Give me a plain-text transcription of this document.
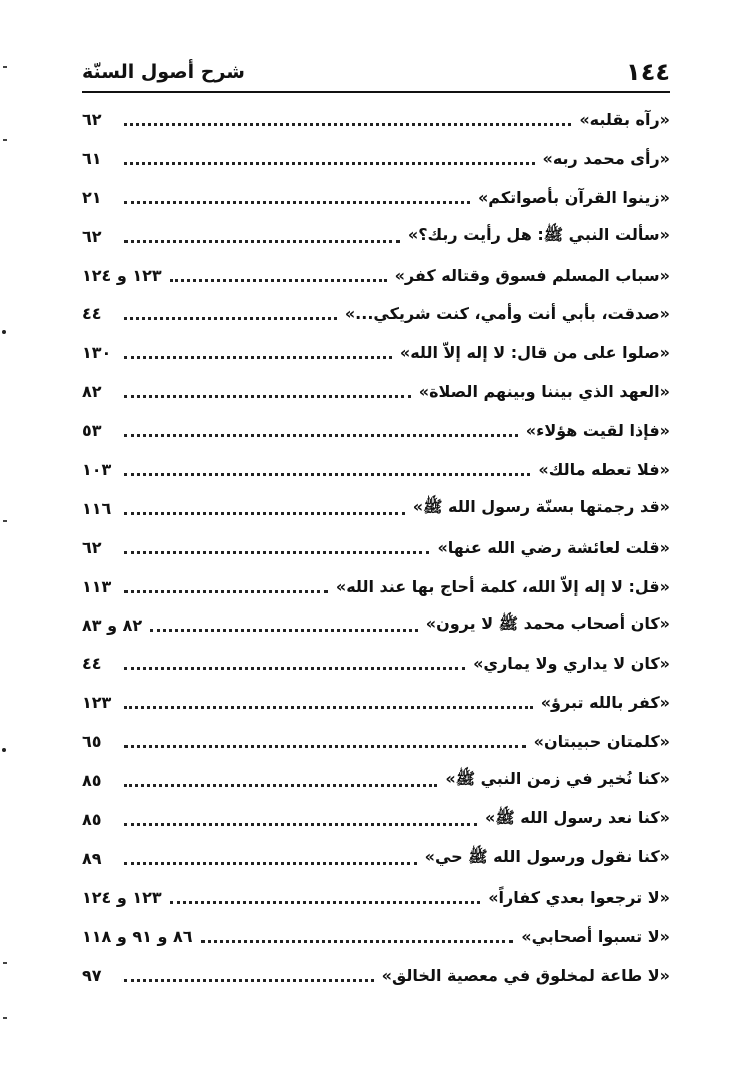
شرح أصول السنّة	١٤٤
«رآه بقلبه»
٦٢
«رأى محمد ربه»
٦١
«زينوا القرآن بأصواتكم»
٢١
«سألت النبي ﷺ: هل رأيت ربك؟»
٦٢
«سباب المسلم فسوق وقتاله كفر»
١٢٣ و ١٢٤
«صدقت، بأبي أنت وأمي، كنت شريكي...»
٤٤
«صلوا على من قال: لا إله إلاّ الله»
١٣٠
«العهد الذي بيننا وبينهم الصلاة»
٨٢
«فإذا لقيت هؤلاء»
٥٣
«فلا تعطه مالك»
١٠٣
«قد رجمتها بسنّة رسول الله ﷺ»
١١٦
«قلت لعائشة رضي الله عنها»
٦٢
«قل: لا إله إلاّ الله، كلمة أحاج بها عند الله»
١١٣
«كان أصحاب محمد ﷺ لا يرون»
٨٢ و ٨٣
«كان لا يداري ولا يماري»
٤٤
«كفر بالله تبرؤ»
١٢٣
«كلمتان حبيبتان»
٦٥
«كنا نُخير في زمن النبي ﷺ»
٨٥
«كنا نعد رسول الله ﷺ»
٨٥
«كنا نقول ورسول الله ﷺ حي»
٨٩
«لا ترجعوا بعدي كفاراً»
١٢٣ و ١٢٤
«لا تسبوا أصحابي»
٨٦ و ٩١ و ١١٨
«لا طاعة لمخلوق في معصية الخالق»
٩٧
